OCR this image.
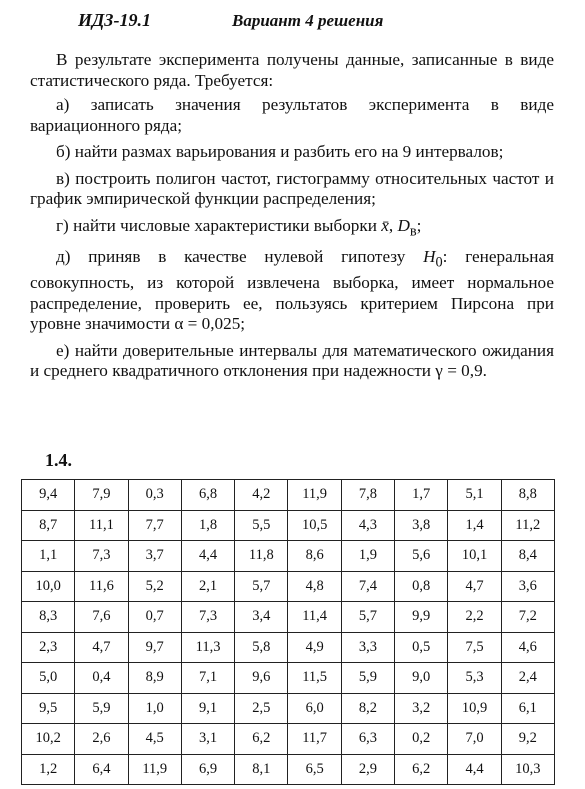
ИДЗ-19.1	Вариант 4 решения

В результате эксперимента получены данные, записанные в виде статистического ряда. Требуется:

а) записать значения результатов эксперимента в виде вариационного ряда;

б) найти размах варьирования и разбить его на 9 интервалов;

в) построить полигон частот, гистограмму относительных частот и график эмпирической функции распределения;

г) найти числовые характеристики выборки x̄, $D_в$;

д) приняв в качестве нулевой гипотезу $H_0$: генеральная совокупность, из которой извлечена выборка, имеет нормальное распределение, проверить ее, пользуясь критерием Пирсона при уровне значимости α = 0,025;

е) найти доверительные интервалы для математического ожидания и среднего квадратичного отклонения при надежности γ = 0,9.

1.4.
9,4	7,9	0,3	6,8	4,2	11,9	7,8	1,7	5,1	8,8
8,7	11,1	7,7	1,8	5,5	10,5	4,3	3,8	1,4	11,2
1,1	7,3	3,7	4,4	11,8	8,6	1,9	5,6	10,1	8,4
10,0	11,6	5,2	2,1	5,7	4,8	7,4	0,8	4,7	3,6
8,3	7,6	0,7	7,3	3,4	11,4	5,7	9,9	2,2	7,2
2,3	4,7	9,7	11,3	5,8	4,9	3,3	0,5	7,5	4,6
5,0	0,4	8,9	7,1	9,6	11,5	5,9	9,0	5,3	2,4
9,5	5,9	1,0	9,1	2,5	6,0	8,2	3,2	10,9	6,1
10,2	2,6	4,5	3,1	6,2	11,7	6,3	0,2	7,0	9,2
1,2	6,4	11,9	6,9	8,1	6,5	2,9	6,2	4,4	10,3
